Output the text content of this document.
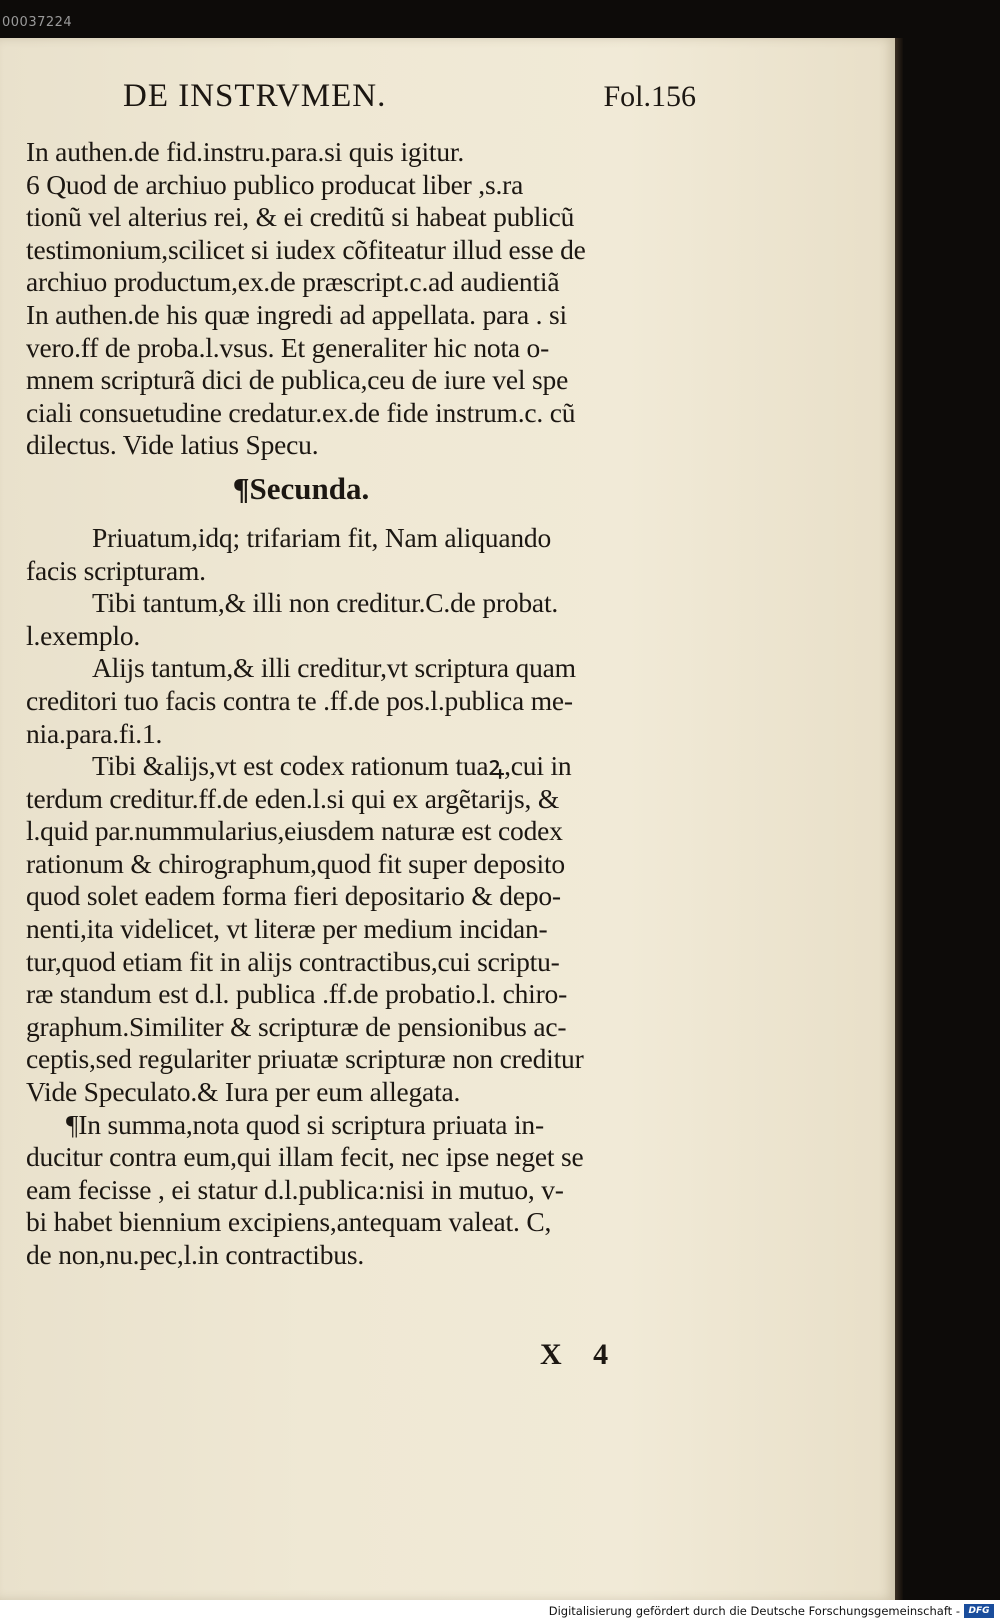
00037224
DE INSTRVMEN.	Fol.156
In authen.de fid.instru.para.si quis igitur.
6 Quod de archiuo publico producat liber ,s.ra
tionũ vel alterius rei, & ei creditũ si habeat publicũ
testimonium,scilicet si iudex cõfiteatur illud esse de
archiuo productum,ex.de præscript.c.ad audientiã
In authen.de his quæ ingredi ad appellata. para . si
vero.ff de proba.l.vsus. Et generaliter hic nota o-
mnem scripturã dici de publica,ceu de iure vel spe
ciali consuetudine credatur.ex.de fide instrum.c. cũ
dilectus. Vide latius Specu.
¶Secunda.
Priuatum,idq; trifariam fit, Nam aliquando
facis scripturam.
Tibi tantum,& illi non creditur.C.de probat.
l.exemplo.
Alijs tantum,& illi creditur,vt scriptura quam
creditori tuo facis contra te .ff.de pos.l.publica me-
nia.para.fi.1.
Tibi &alijs,vt est codex rationum tuaꝝ,cui in
terdum creditur.ff.de eden.l.si qui ex argẽtarijs, &
l.quid par.nummularius,eiusdem naturæ est codex
rationum & chirographum,quod fit super deposito
quod solet eadem forma fieri depositario & depo-
nenti,ita videlicet, vt literæ per medium incidan-
tur,quod etiam fit in alijs contractibus,cui scriptu-
ræ standum est d.l. publica .ff.de probatio.l. chiro-
graphum.Similiter & scripturæ de pensionibus ac-
ceptis,sed regulariter priuatæ scripturæ non creditur
Vide Speculato.& Iura per eum allegata.
¶In summa,nota quod si scriptura priuata in-
ducitur contra eum,qui illam fecit, nec ipse neget se
eam fecisse , ei statur d.l.publica:nisi in mutuo, v-
bi habet biennium excipiens,antequam valeat. C,
de non,nu.pec,l.in contractibus.
X 4
Digitalisierung gefördert durch die Deutsche Forschungsgemeinschaft - DFG
